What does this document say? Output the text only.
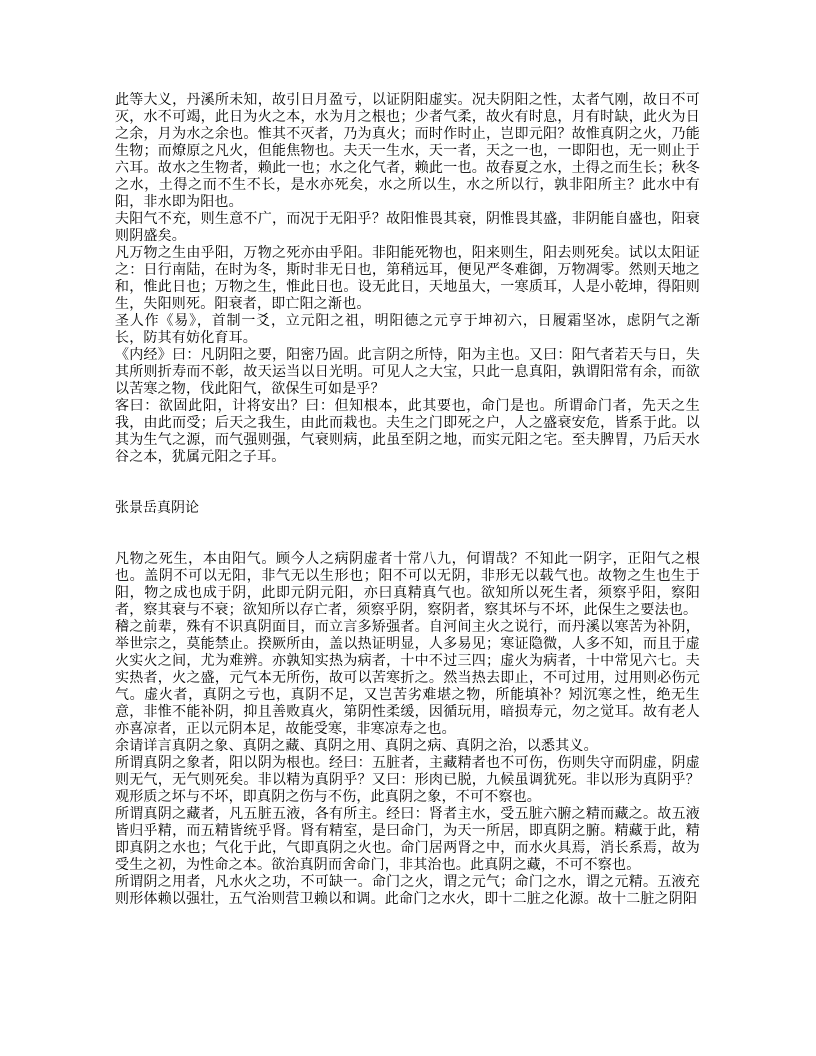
此等大义，丹溪所未知，故引日月盈亏，以证阴阳虚实。况夫阴阳之性，太者气刚，故日不可灭，水不可竭，此日为火之本，水为月之根也；少者气柔，故火有时息，月有时缺，此火为日之余，月为水之余也。惟其不灭者，乃为真火；而时作时止，岂即元阳？故惟真阴之火，乃能生物；而燎原之凡火，但能焦物也。夫天一生水，天一者，天之一也，一即阳也，无一则止于六耳。故水之生物者，赖此一也；水之化气者，赖此一也。故春夏之水，土得之而生长；秋冬之水，土得之而不生不长，是水亦死矣，水之所以生，水之所以行，孰非阳所主？此水中有阳，非水即为阳也。

夫阳气不充，则生意不广，而况于无阳乎？故阳惟畏其衰，阴惟畏其盛，非阴能自盛也，阳衰则阴盛矣。

凡万物之生由乎阳，万物之死亦由乎阳。非阳能死物也，阳来则生，阳去则死矣。试以太阳证之：日行南陆，在时为冬，斯时非无日也，第稍远耳，便见严冬难御，万物凋零。然则天地之和，惟此日也；万物之生，惟此日也。设无此日，天地虽大，一寒质耳，人是小乾坤，得阳则生，失阳则死。阳衰者，即亡阳之渐也。

圣人作《易》，首制一爻，立元阳之祖，明阳德之元亨于坤初六，日履霜坚冰，虑阴气之渐长，防其有妨化育耳。

《内经》曰：凡阴阳之要，阳密乃固。此言阴之所恃，阳为主也。又曰：阳气者若天与日，失其所则折寿而不彰，故天运当以日光明。可见人之大宝，只此一息真阳，孰谓阳常有余，而欲以苦寒之物，伐此阳气，欲保生可如是乎？

客曰：欲固此阳，计将安出？曰：但知根本，此其要也，命门是也。所谓命门者，先天之生我，由此而受；后天之我生，由此而栽也。夫生之门即死之户，人之盛衰安危，皆系于此。以其为生气之源，而气强则强，气衰则病，此虽至阴之地，而实元阳之宅。至夫脾胃，乃后天水谷之本，犹属元阳之子耳。

张景岳真阴论

凡物之死生，本由阳气。顾今人之病阴虚者十常八九，何谓哉？不知此一阴字，正阳气之根也。盖阴不可以无阳，非气无以生形也；阳不可以无阴，非形无以载气也。故物之生也生于阳，物之成也成于阴，此即元阴元阳，亦曰真精真气也。欲知所以死生者，须察乎阳，察阳者，察其衰与不衰；欲知所以存亡者，须察乎阴，察阴者，察其坏与不坏，此保生之要法也。

稽之前辈，殊有不识真阴面目，而立言多矫强者。自河间主火之说行，而丹溪以寒苦为补阴，举世宗之，莫能禁止。揆厥所由，盖以热证明显，人多易见；寒证隐微，人多不知，而且于虚火实火之间，尤为难辨。亦孰知实热为病者，十中不过三四；虚火为病者，十中常见六七。夫实热者，火之盛，元气本无所伤，故可以苦寒折之。然当热去即止，不可过用，过用则必伤元气。虚火者，真阴之亏也，真阴不足，又岂苦劣难堪之物，所能填补？矧沉寒之性，绝无生意，非惟不能补阴，抑且善败真火，第阴性柔缓，因循玩用，暗损寿元，勿之觉耳。故有老人亦喜凉者，正以元阴本足，故能受寒，非寒凉寿之也。

余请详言真阴之象、真阴之藏、真阴之用、真阴之病、真阴之治，以悉其义。

所谓真阴之象者，阳以阴为根也。经曰：五脏者，主藏精者也不可伤，伤则失守而阴虚，阴虚则无气，无气则死矣。非以精为真阴乎？又曰：形肉已脱，九候虽调犹死。非以形为真阴乎？观形质之坏与不坏，即真阴之伤与不伤，此真阴之象，不可不察也。

所谓真阴之藏者，凡五脏五液，各有所主。经曰：肾者主水，受五脏六腑之精而藏之。故五液皆归乎精，而五精皆统乎肾。肾有精室，是曰命门，为天一所居，即真阴之腑。精藏于此，精即真阴之水也；气化于此，气即真阴之火也。命门居两肾之中，而水火具焉，消长系焉，故为受生之初，为性命之本。欲治真阴而舍命门，非其治也。此真阴之藏，不可不察也。

所谓阴之用者，凡水火之功，不可缺一。命门之火，谓之元气；命门之水，谓之元精。五液充则形体赖以强壮，五气治则营卫赖以和调。此命门之水火，即十二脏之化源。故十二脏之阴阳
